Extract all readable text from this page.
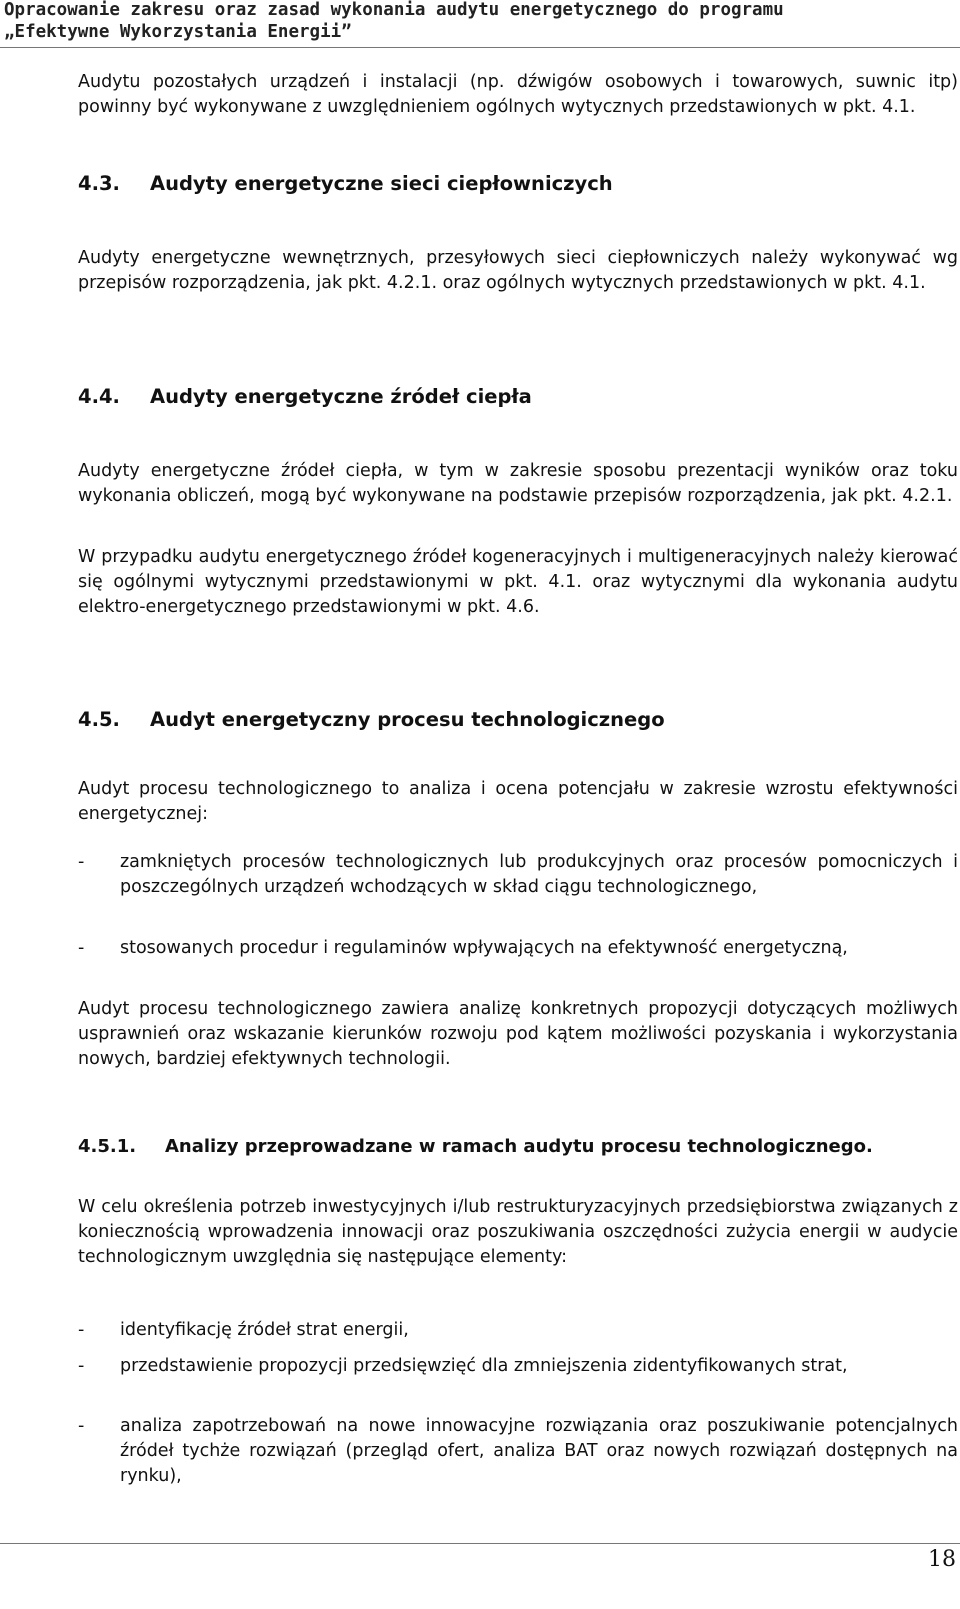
Opracowanie zakresu oraz zasad wykonania audytu energetycznego do programu
„Efektywne Wykorzystania Energii”

Audytu pozostałych urządzeń i instalacji (np. dźwigów osobowych i towarowych, suwnic itp) powinny być wykonywane z uwzględnieniem ogólnych wytycznych przedstawionych w pkt. 4.1.

4.3.	Audyty energetyczne sieci ciepłowniczych

Audyty energetyczne wewnętrznych, przesyłowych sieci ciepłowniczych należy wykonywać wg przepisów rozporządzenia, jak pkt. 4.2.1. oraz ogólnych wytycznych przedstawionych w pkt. 4.1.

4.4.	Audyty energetyczne źródeł ciepła

Audyty energetyczne źródeł ciepła, w tym w zakresie sposobu prezentacji wyników oraz toku wykonania obliczeń, mogą być wykonywane na podstawie przepisów rozporządzenia, jak pkt. 4.2.1.

W przypadku audytu energetycznego źródeł kogeneracyjnych i multigeneracyjnych należy kierować się ogólnymi wytycznymi przedstawionymi w pkt. 4.1. oraz wytycznymi dla wykonania audytu elektro-energetycznego przedstawionymi w pkt. 4.6.

4.5.	Audyt energetyczny procesu technologicznego

Audyt procesu technologicznego to analiza i ocena potencjału w zakresie wzrostu efektywności energetycznej:

-	zamkniętych procesów technologicznych lub produkcyjnych oraz procesów pomocniczych i poszczególnych urządzeń wchodzących w skład ciągu technologicznego,
-	stosowanych procedur i regulaminów wpływających na efektywność energetyczną,

Audyt procesu technologicznego zawiera analizę konkretnych propozycji dotyczących możliwych usprawnień oraz wskazanie kierunków rozwoju pod kątem możliwości pozyskania i wykorzystania nowych, bardziej efektywnych technologii.

4.5.1.	Analizy przeprowadzane w ramach audytu procesu technologicznego.

W celu określenia potrzeb inwestycyjnych i/lub restrukturyzacyjnych przedsiębiorstwa związanych z koniecznością wprowadzenia innowacji oraz poszukiwania oszczędności zużycia energii w audycie technologicznym uwzględnia się następujące elementy:

-	identyfikację źródeł strat energii,
-	przedstawienie propozycji przedsięwzięć dla zmniejszenia zidentyfikowanych strat,
-	analiza zapotrzebowań na nowe innowacyjne rozwiązania oraz poszukiwanie potencjalnych źródeł tychże rozwiązań (przegląd ofert, analiza BAT oraz nowych rozwiązań dostępnych na rynku),
18
